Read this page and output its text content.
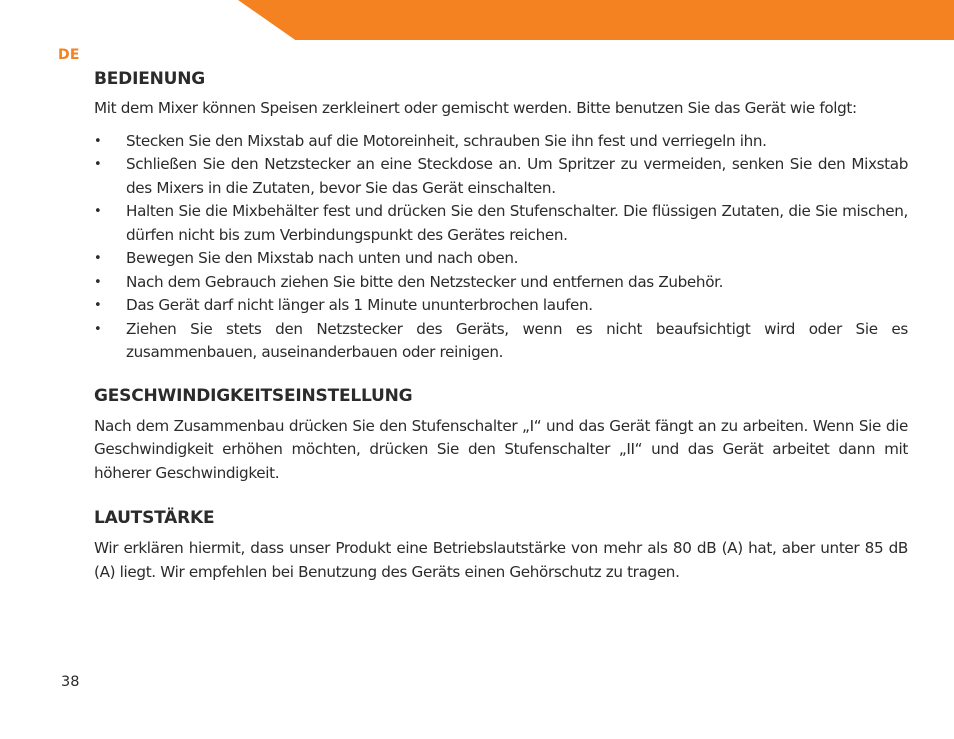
DE
BEDIENUNG

Mit dem Mixer können Speisen zerkleinert oder gemischt werden. Bitte benutzen Sie das Gerät wie folgt:

• Stecken Sie den Mixstab auf die Motoreinheit, schrauben Sie ihn fest und verriegeln ihn.
• Schließen Sie den Netzstecker an eine Steckdose an. Um Spritzer zu vermeiden, senken Sie den Mixstab des Mixers in die Zutaten, bevor Sie das Gerät einschalten.
• Halten Sie die Mixbehälter fest und drücken Sie den Stufenschalter. Die flüssigen Zutaten, die Sie mischen, dürfen nicht bis zum Verbindungspunkt des Gerätes reichen.
• Bewegen Sie den Mixstab nach unten und nach oben.
• Nach dem Gebrauch ziehen Sie bitte den Netzstecker und entfernen das Zubehör.
• Das Gerät darf nicht länger als 1 Minute ununterbrochen laufen.
• Ziehen Sie stets den Netzstecker des Geräts, wenn es nicht beaufsichtigt wird oder Sie es zusammenbauen, auseinanderbauen oder reinigen.
GESCHWINDIGKEITSEINSTELLUNG

Nach dem Zusammenbau drücken Sie den Stufenschalter „I“ und das Gerät fängt an zu arbeiten. Wenn Sie die Geschwindigkeit erhöhen möchten, drücken Sie den Stufenschalter „II“ und das Gerät arbeitet dann mit höherer Geschwindigkeit.

LAUTSTÄRKE

Wir erklären hiermit, dass unser Produkt eine Betriebslautstärke von mehr als 80 dB (A) hat, aber unter 85 dB (A) liegt. Wir empfehlen bei Benutzung des Geräts einen Gehörschutz zu tragen.

38
